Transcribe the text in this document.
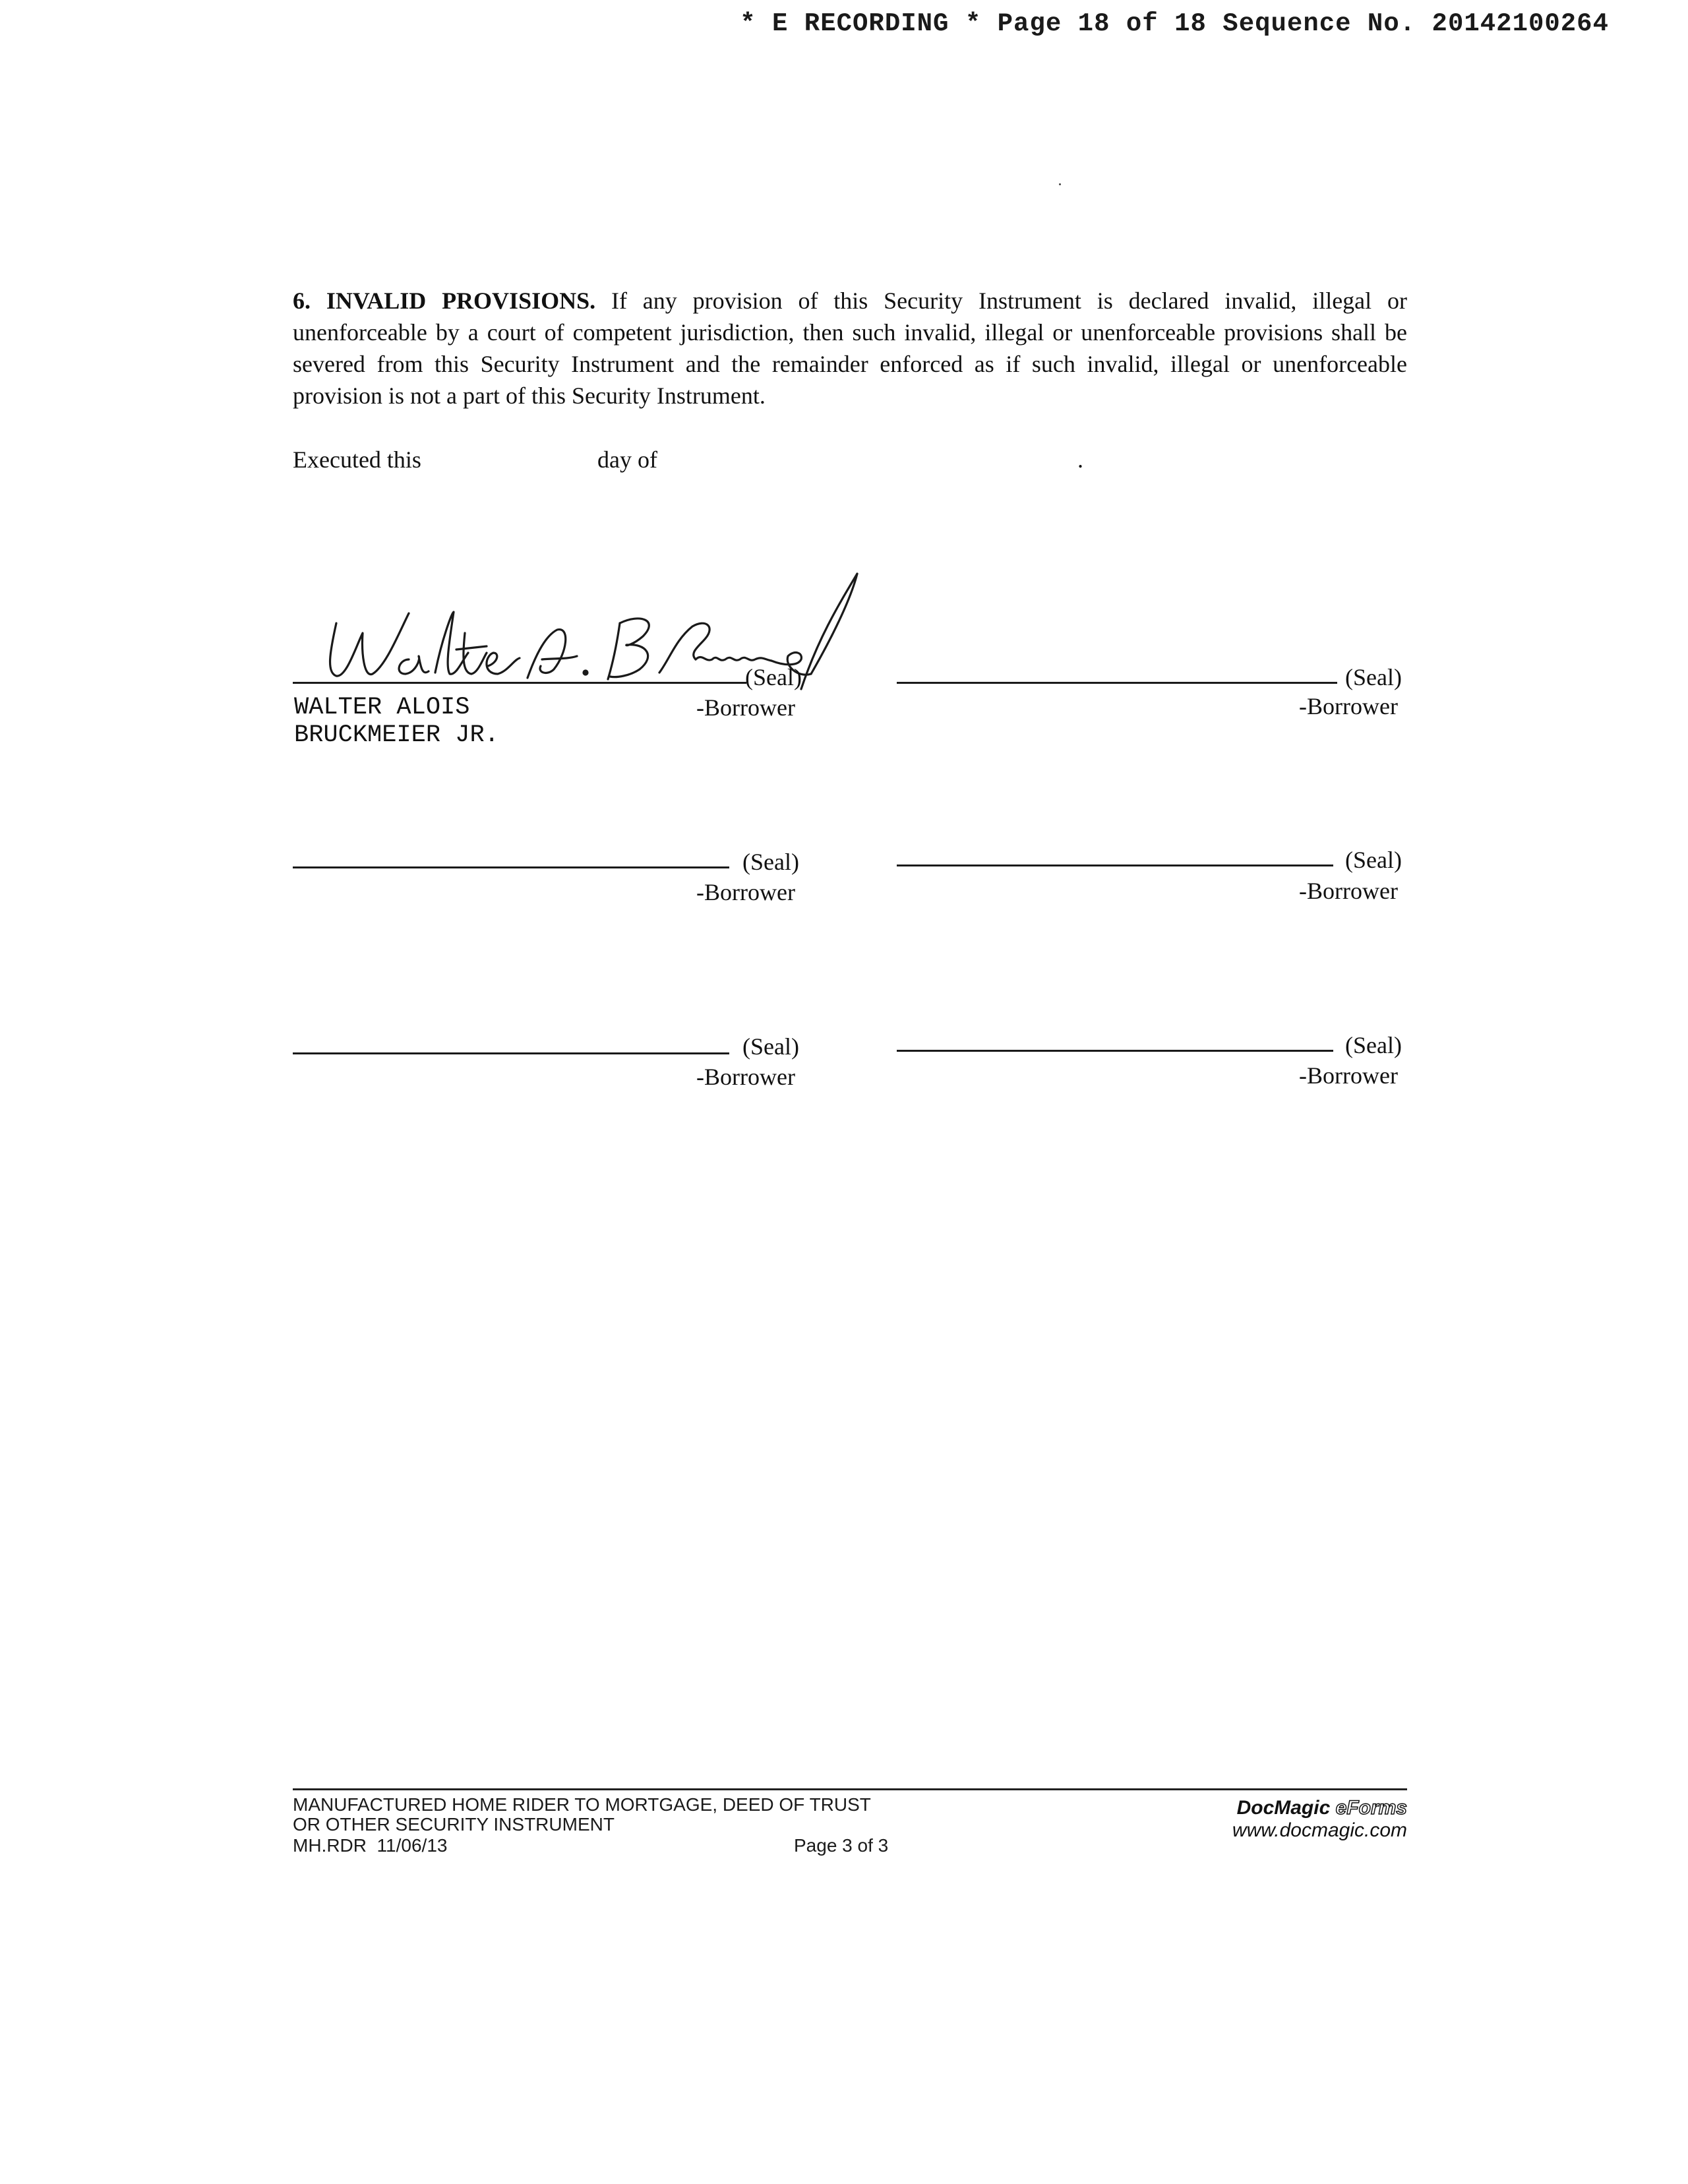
* E RECORDING * Page 18 of 18 Sequence No. 20142100264
6. INVALID PROVISIONS. If any provision of this Security Instrument is declared invalid, illegal or unenforceable by a court of competent jurisdiction, then such invalid, illegal or unenforceable provisions shall be severed from this Security Instrument and the remainder enforced as if such invalid, illegal or unenforceable provision is not a part of this Security Instrument.
Executed this	day of	.
(Seal)
-Borrower
WALTER ALOIS
BRUCKMEIER JR.
(Seal)
-Borrower
(Seal)
-Borrower
(Seal)
-Borrower
(Seal)
-Borrower
(Seal)
-Borrower
MANUFACTURED HOME RIDER TO MORTGAGE, DEED OF TRUST
OR OTHER SECURITY INSTRUMENT
MH.RDR  11/06/13	Page 3 of 3
DocMagic eForms
www.docmagic.com
